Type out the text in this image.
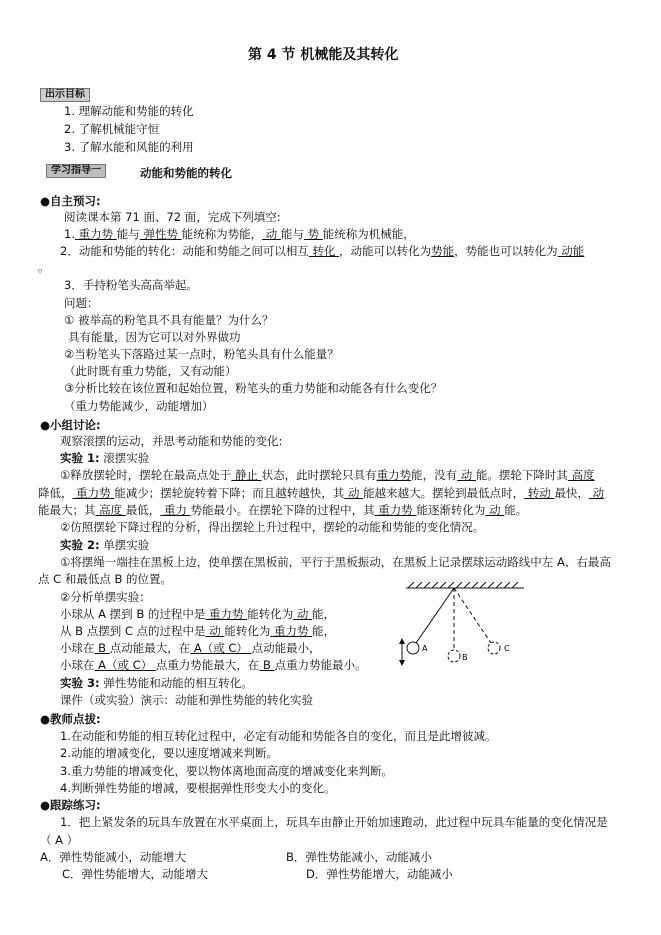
第 4 节 机械能及其转化
出示目标
1. 理解动能和势能的转化
2. 了解机械能守恒
3. 了解水能和风能的利用
学习指导一	动能和势能的转化
●自主预习:
阅读课本第 71 面、72 面，完成下列填空:
1. 重力势 能与 弹性势 能统称为势能， 动 能与 势 能统称为机械能，
2．动能和势能的转化：动能和势能之间可以相互 转化 ，动能可以转化为势能，势能也可以转化为 动能
。
3．手持粉笔头高高举起。
问题：
① 被举高的粉笔具不具有能量？为什么？
具有能量，因为它可以对外界做功
②当粉笔头下落路过某一点时，粉笔头具有什么能量？
（此时既有重力势能，又有动能）
③分析比较在该位置和起始位置，粉笔头的重力势能和动能各有什么变化？
（重力势能减少，动能增加）
●小组讨论:
观察滚摆的运动，并思考动能和势能的变化:
实验 1: 滚摆实验
①释放摆轮时，摆轮在最高点处于 静止 状态，此时摆轮只具有重力势能，没有 动 能。摆轮下降时其 高度
降低， 重力势 能减少；摆轮旋转着下降；而且越转越快，其 动 能越来越大。摆轮到最低点时， 转动 最快， 动
能最大；其 高度 最低， 重力 势能最小。在摆轮下降的过程中，其 重力势 能逐渐转化为 动 能。
②仿照摆轮下降过程的分析，得出摆轮上升过程中，摆轮的动能和势能的变化情况。
实验 2: 单摆实验
①将摆绳一端挂在黑板上边，使单摆在黑板前，平行于黑板振动，在黑板上记录摆球运动路线中左 A、右最高
点 C 和最低点 B 的位置。
②分析单摆实验：
小球从 A 摆到 B 的过程中是 重力势 能转化为 动 能，
从 B 点摆到 C 点的过程中是 动 能转化为 重力势 能，
小球在 B 点动能最大，在 A（或 C） 点动能最小，
小球在 A（或 C） 点重力势能最大，在 B 点重力势能最小。
A
B
C
实验 3: 弹性势能和动能的相互转化。
课件（或实验）演示：动能和弹性势能的转化实验
●教师点拔:
1.在动能和势能的相互转化过程中，必定有动能和势能各自的变化，而且是此增彼减。
2.动能的增减变化，要以速度增减来判断。
3.重力势能的增减变化，要以物体离地面高度的增减变化来判断。
4.判断弹性势能的增减，要根据弹性形变大小的变化。
●跟踪练习:
1．把上紧发条的玩具车放置在水平桌面上，玩具车由静止开始加速跑动，此过程中玩具车能量的变化情况是
（ A ）
A．弹性势能减小，动能增大	B．弹性势能减小，动能减小
C．弹性势能增大，动能增大	D．弹性势能增大，动能减小
